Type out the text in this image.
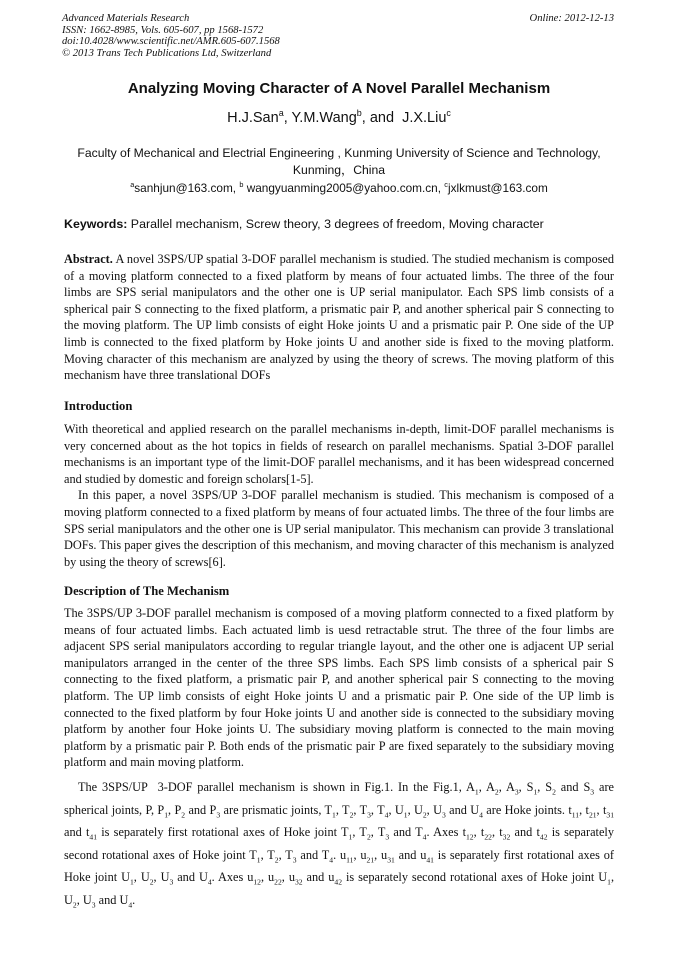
Advanced Materials Research
ISSN: 1662-8985, Vols. 605-607, pp 1568-1572
doi:10.4028/www.scientific.net/AMR.605-607.1568
© 2013 Trans Tech Publications Ltd, Switzerland
Online: 2012-12-13
Analyzing Moving Character of A Novel Parallel Mechanism
H.J.San$^a$, Y.M.Wang$^b$, and  J.X.Liu$^c$
Faculty of Mechanical and Electrial Engineering , Kunming University of Science and Technology,
Kunming，China
$^a$sanhjun@163.com, $^b$ wangyuanming2005@yahoo.com.cn, $^c$jxlkmust@163.com
Keywords: Parallel mechanism, Screw theory, 3 degrees of freedom, Moving character

Abstract. A novel 3SPS/UP spatial 3-DOF parallel mechanism is studied. The studied mechanism is composed of a moving platform connected to a fixed platform by means of four actuated limbs. The three of the four limbs are SPS serial manipulators and the other one is UP serial manipulator. Each SPS limb consists of a spherical pair S connecting to the fixed platform, a prismatic pair P, and another spherical pair S connecting to the moving platform. The UP limb consists of eight Hoke joints U and a prismatic pair P. One side of the UP limb is connected to the fixed platform by Hoke joints U and another side is fixed to the moving platform. Moving character of this mechanism are analyzed by using the theory of screws. The moving platform of this mechanism have three translational DOFs

Introduction

With theoretical and applied research on the parallel mechanisms in-depth, limit-DOF parallel mechanisms is very concerned about as the hot topics in fields of research on parallel mechanisms. Spatial 3-DOF parallel mechanisms is an important type of the limit-DOF parallel mechanisms, and it has been widespread concerned and studied by domestic and foreign scholars[1-5].

In this paper, a novel 3SPS/UP 3-DOF parallel mechanism is studied. This mechanism is composed of a moving platform connected to a fixed platform by means of four actuated limbs. The three of the four limbs are SPS serial manipulators and the other one is UP serial manipulator. This mechanism can provide 3 translational DOFs. This paper gives the description of this mechanism, and moving character of this mechanism is analyzed by using the theory of screws[6].

Description of The Mechanism

The 3SPS/UP 3-DOF parallel mechanism is composed of a moving platform connected to a fixed platform by means of four actuated limbs. Each actuated limb is uesd retractable strut. The three of the four limbs are adjacent SPS serial manipulators according to regular triangle layout, and the other one is adjacent UP serial manipulators arranged in the center of the three SPS limbs. Each SPS limb consists of a spherical pair S connecting to the fixed platform, a prismatic pair P, and another spherical pair S connecting to the moving platform. The UP limb consists of eight Hoke joints U and a prismatic pair P. One side of the UP limb is connected to the fixed platform by four Hoke joints U and another side is connected to the subsidiary moving platform by another four Hoke joints U. The subsidiary moving platform is connected to the main moving platform by a prismatic pair P. Both ends of the prismatic pair P are fixed separately to the subsidiary moving platform and main moving platform.

The 3SPS/UP  3-DOF parallel mechanism is shown in Fig.1. In the Fig.1, $A_1$, $A_2$, $A_3$, $S_1$, $S_2$ and $S_3$ are spherical joints, P, $P_1$, $P_2$ and $P_3$ are prismatic joints, $T_1$, $T_2$, $T_3$, $T_4$, $U_1$, $U_2$, $U_3$ and $U_4$ are Hoke joints. $t_{11}$, $t_{21}$, $t_{31}$ and $t_{41}$ is separately first rotational axes of Hoke joint $T_1$, $T_2$, $T_3$ and $T_4$. Axes $t_{12}$, $t_{22}$, $t_{32}$ and $t_{42}$ is separately second rotational axes of Hoke joint $T_1$, $T_2$, $T_3$ and $T_4$. $u_{11}$, $u_{21}$, $u_{31}$ and $u_{41}$ is separately first rotational axes of Hoke joint $U_1$, $U_2$, $U_3$ and $U_4$. Axes $u_{12}$, $u_{22}$, $u_{32}$ and $u_{42}$ is separately second rotational axes of Hoke joint $U_1$, $U_2$, $U_3$ and $U_4$.
